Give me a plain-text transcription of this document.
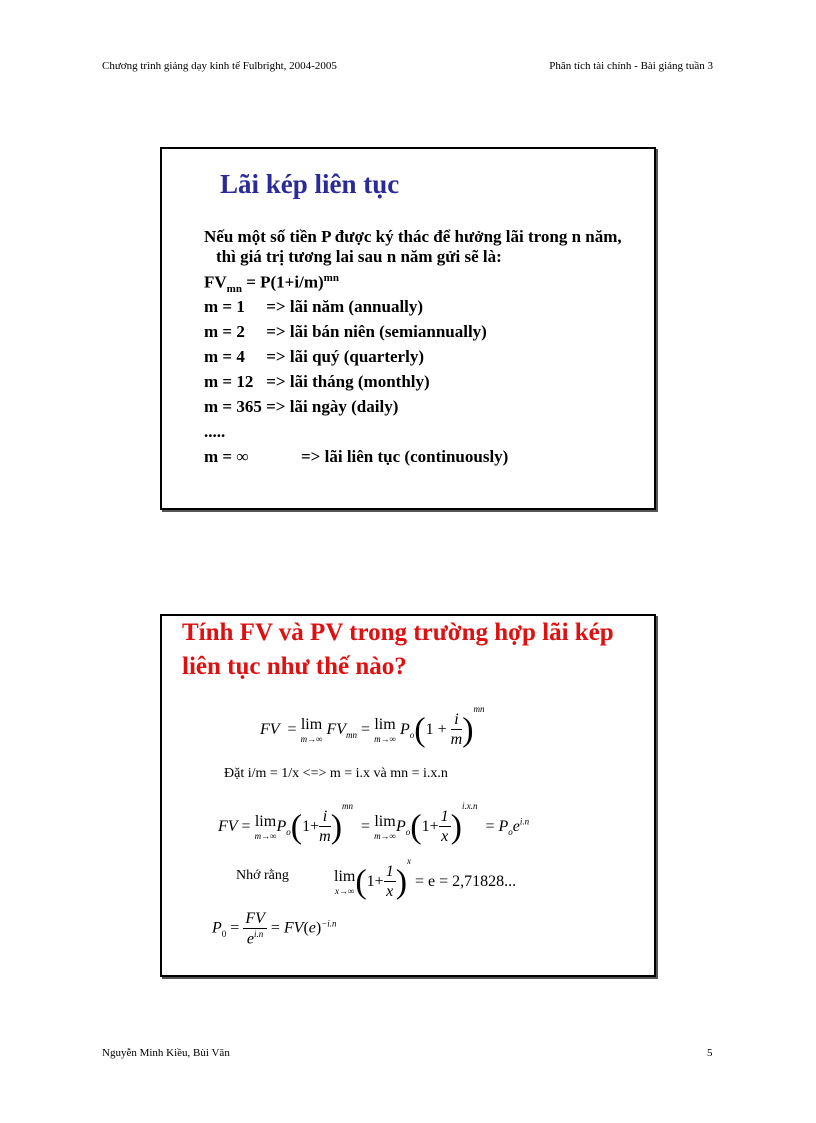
Chương trình giảng dạy kinh tế Fulbright, 2004-2005	Phân tích tài chính - Bài giảng tuần 3
Lãi kép liên tục
Nếu một số tiền P được ký thác để hưởng lãi trong n năm, thì giá trị tương lai sau n năm gửi sẽ là:
$FV_{mn} = P(1+i/m)^{mn}$
m = 1 => lãi năm (annually)
m = 2 => lãi bán niên (semiannually)
m = 4 => lãi quý (quarterly)
m = 12 => lãi tháng (monthly)
m = 365 => lãi ngày (daily)
.....
m = ∞	=> lãi liên tục (continuously)
Tính FV và PV trong trường hợp lãi kép liên tục như thế nào?
FV  = lim
m→∞
$FV_{mn} = \lim$
m→∞
$P_o(1 + \frac{i}{m} )^{mn}$
Đặt i/m = 1/x <=> m = i.x và mn = i.x.n
FV = lim
m→∞
$P_o(1+ \frac{i}{m} )^{mn} = \lim$
m→∞
$P_o(1+ \frac{1}{x} )^{i.x.n} = P_oe^{i.n}$
Nhớ rằng	lim
x→∞ $(1+ \frac{1}{x} )^x = e = 2,71828$...
$P_0 = \frac{FV}{e^{i.n}} = FV(e)^{-i.n}$
Nguyễn Minh Kiều, Bùi Văn	5
